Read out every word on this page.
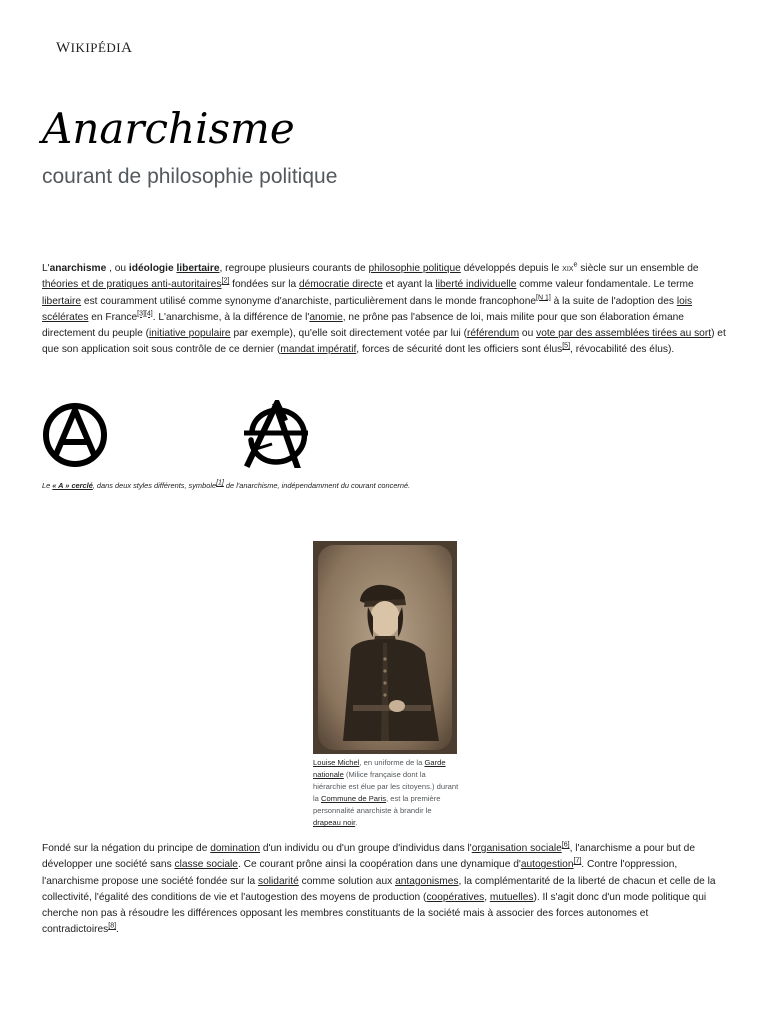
WIKIPÉDIA
Anarchisme
courant de philosophie politique
L'anarchisme , ou idéologie libertaire, regroupe plusieurs courants de philosophie politique développés depuis le xix$^e$ siècle sur un ensemble de théories et de pratiques anti-autoritaires[2] fondées sur la démocratie directe et ayant la liberté individuelle comme valeur fondamentale. Le terme libertaire est couramment utilisé comme synonyme d'anarchiste, particulièrement dans le monde francophone[N 1] à la suite de l'adoption des lois scélérates en France[3][4]. L'anarchisme, à la différence de l'anomie, ne prône pas l'absence de loi, mais milite pour que son élaboration émane directement du peuple (initiative populaire par exemple), qu'elle soit directement votée par lui (référendum ou vote par des assemblées tirées au sort) et que son application soit sous contrôle de ce dernier (mandat impératif, forces de sécurité dont les officiers sont élus[5], révocabilité des élus).
Le « A » cerclé, dans deux styles différents, symbole[1] de l'anarchisme, indépendamment du courant concerné.
Louise Michel, en uniforme de la Garde nationale (Milice française dont la hiérarchie est élue par les citoyens.) durant la Commune de Paris, est la première personnalité anarchiste à brandir le drapeau noir.
Fondé sur la négation du principe de domination d'un individu ou d'un groupe d'individus dans l'organisation sociale[6], l'anarchisme a pour but de développer une société sans classe sociale. Ce courant prône ainsi la coopération dans une dynamique d'autogestion[7]. Contre l'oppression, l'anarchisme propose une société fondée sur la solidarité comme solution aux antagonismes, la complémentarité de la liberté de chacun et celle de la collectivité, l'égalité des conditions de vie et l'autogestion des moyens de production (coopératives, mutuelles). Il s'agit donc d'un mode politique qui cherche non pas à résoudre les différences opposant les membres constituants de la société mais à associer des forces autonomes et contradictoires[8].
